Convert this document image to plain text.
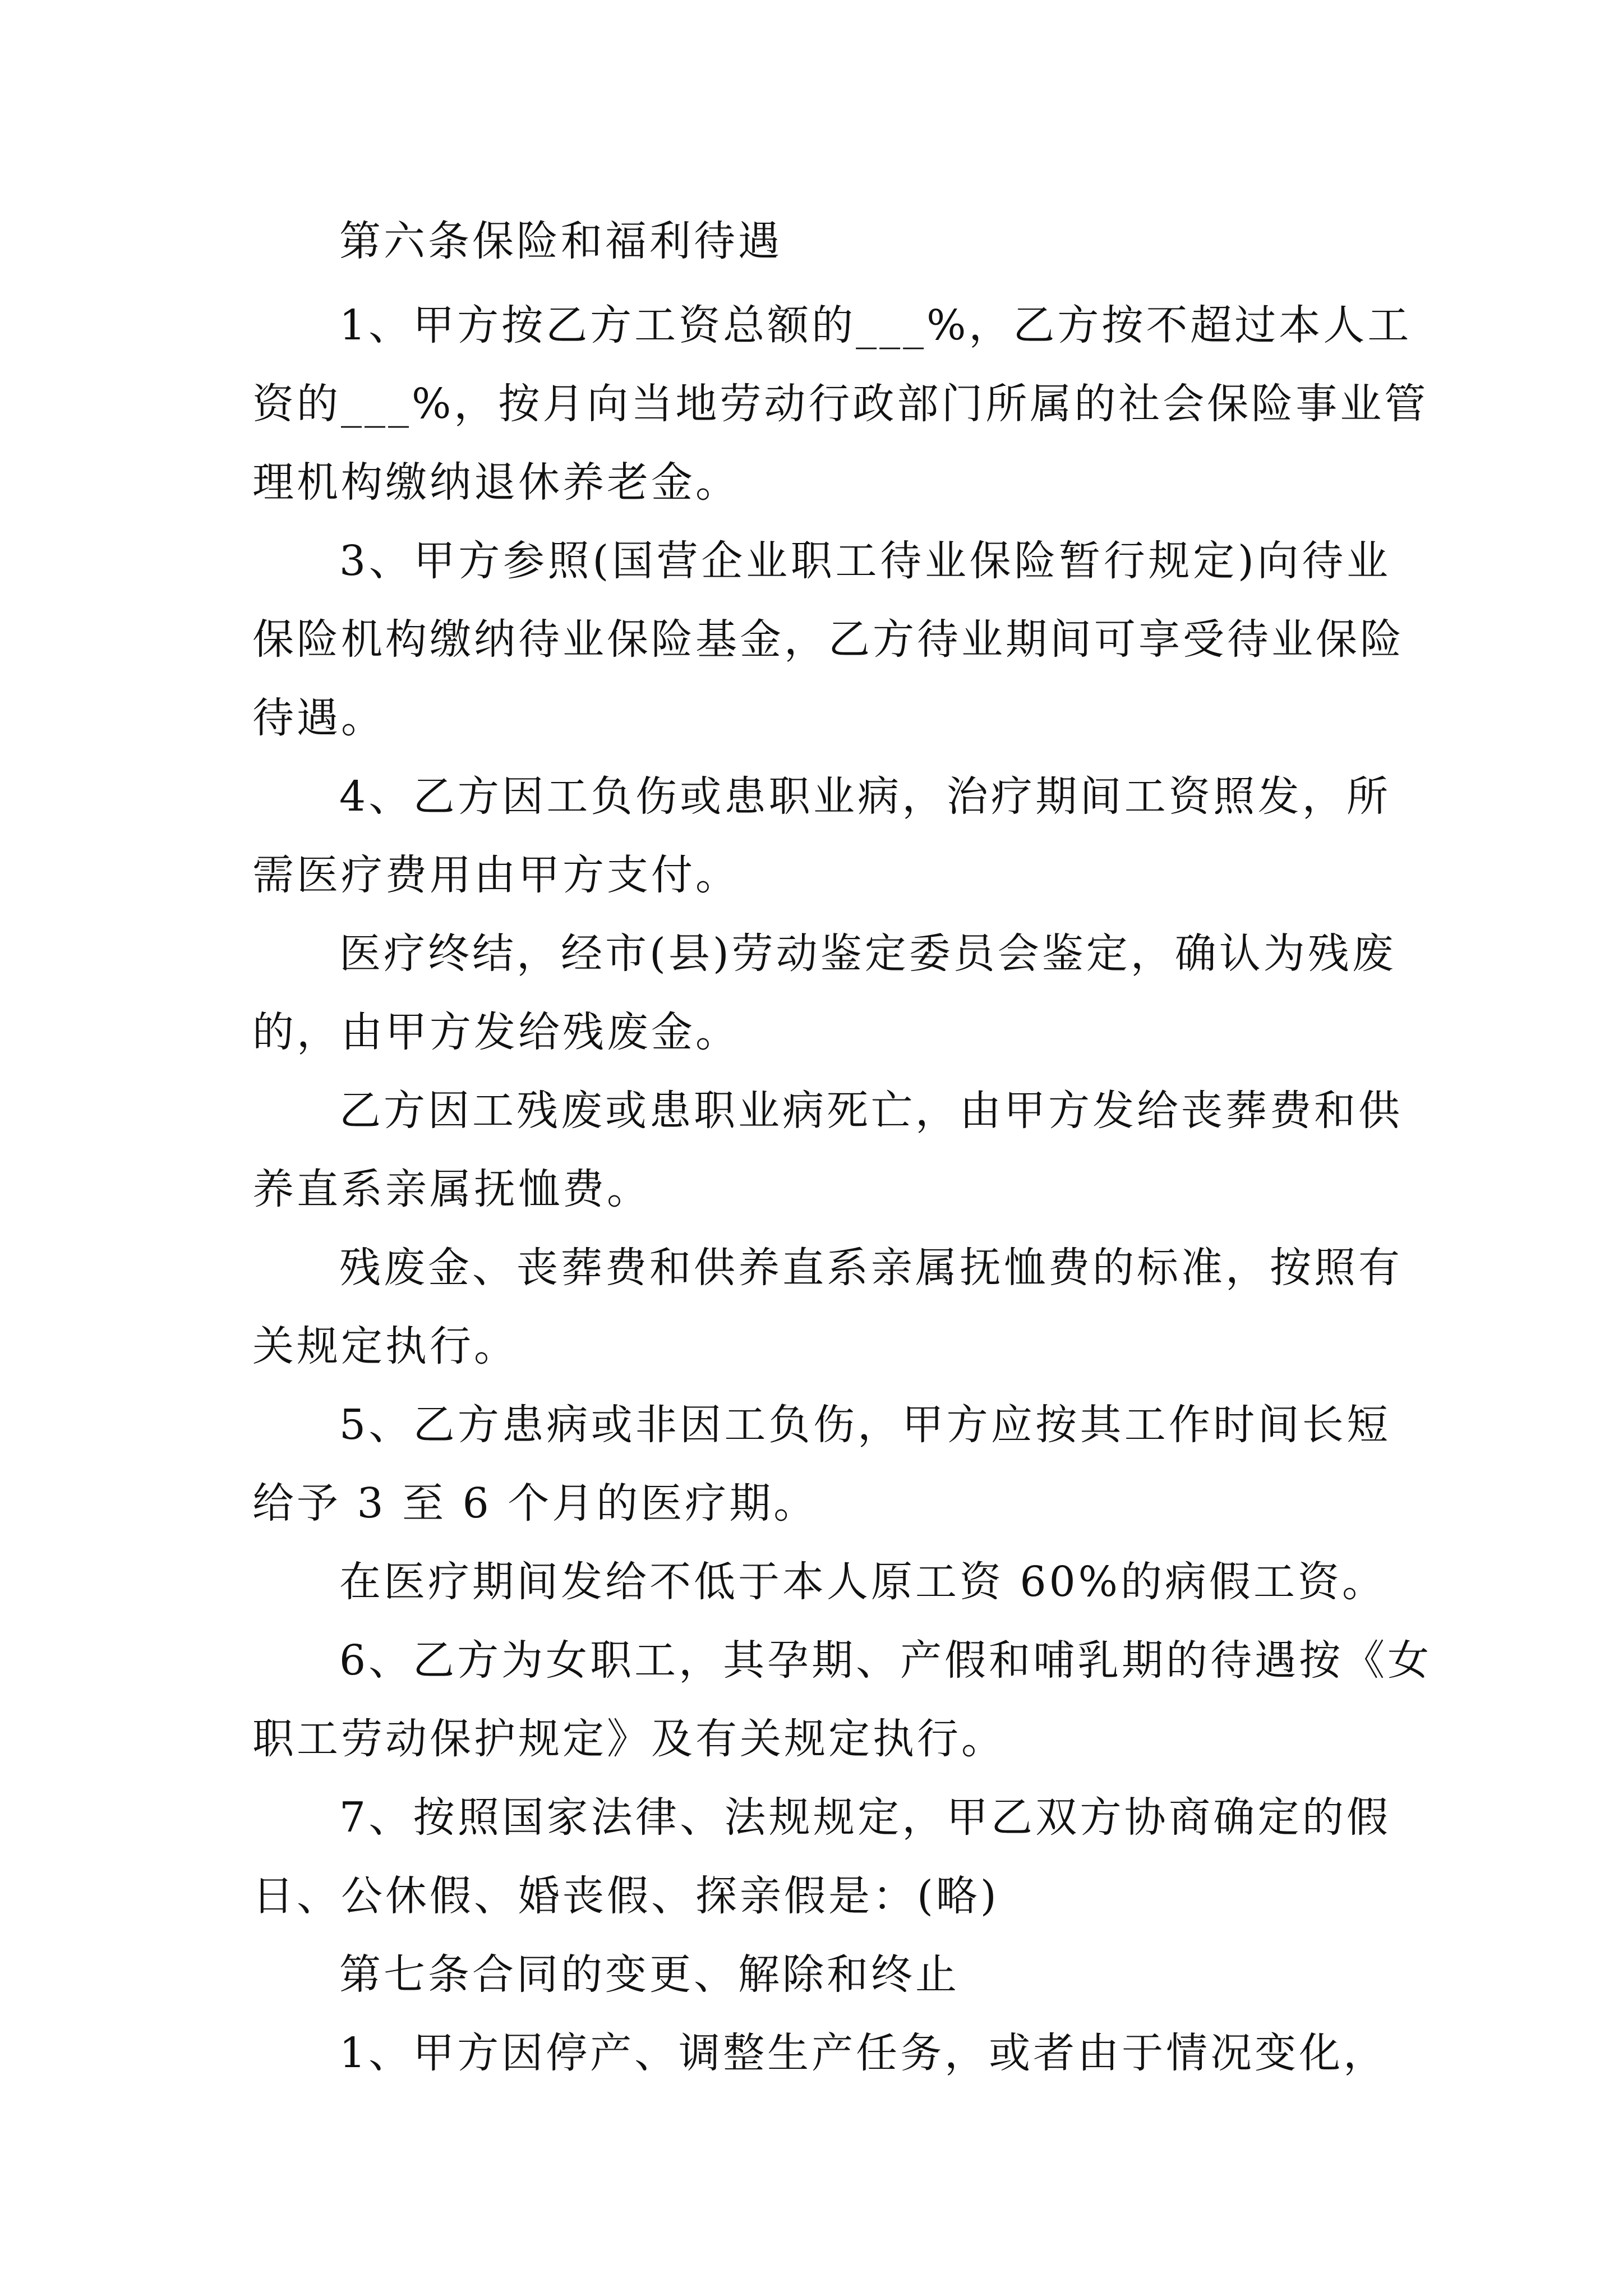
第六条保险和福利待遇
1、甲方按乙方工资总额的___%，乙方按不超过本人工
资的___%，按月向当地劳动行政部门所属的社会保险事业管
理机构缴纳退休养老金。
3、甲方参照(国营企业职工待业保险暂行规定)向待业
保险机构缴纳待业保险基金，乙方待业期间可享受待业保险
待遇。
4、乙方因工负伤或患职业病，治疗期间工资照发，所
需医疗费用由甲方支付。
医疗终结，经市(县)劳动鉴定委员会鉴定，确认为残废
的，由甲方发给残废金。
乙方因工残废或患职业病死亡，由甲方发给丧葬费和供
养直系亲属抚恤费。
残废金、丧葬费和供养直系亲属抚恤费的标准，按照有
关规定执行。
5、乙方患病或非因工负伤，甲方应按其工作时间长短
给予 3 至 6 个月的医疗期。
在医疗期间发给不低于本人原工资 60%的病假工资。
6、乙方为女职工，其孕期、产假和哺乳期的待遇按《女
职工劳动保护规定》及有关规定执行。
7、按照国家法律、法规规定，甲乙双方协商确定的假
日、公休假、婚丧假、探亲假是：(略)
第七条合同的变更、解除和终止
1、甲方因停产、调整生产任务，或者由于情况变化，
